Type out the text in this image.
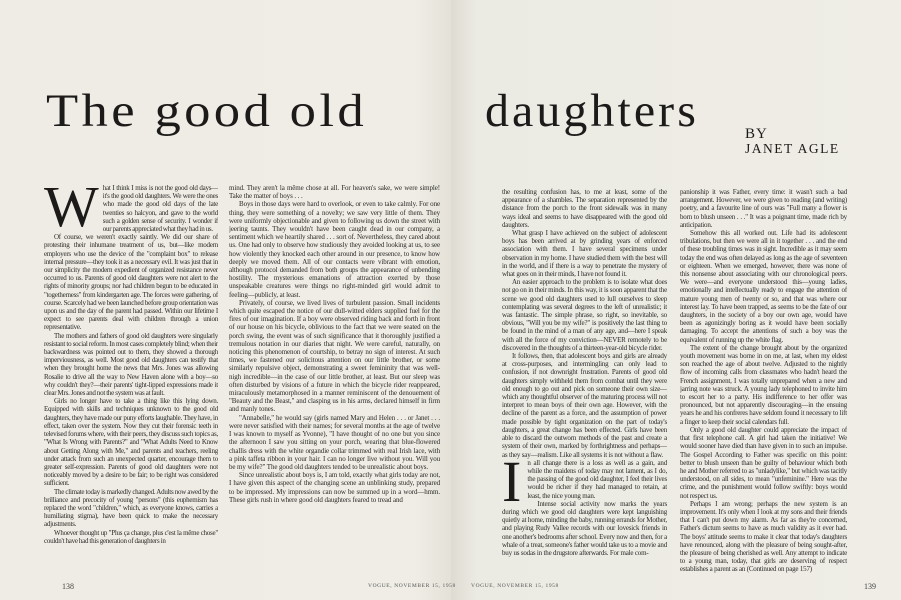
The good old	daughters	BY
JANET AGLE
W hat I think I miss is not the good old days—it's the good old daughters. We were the ones who made the good old days of the late twenties so halcyon, and gave to the world such a golden sense of security. I wonder if our parents appreciated what they had in us.

Of course, we weren't exactly saintly. We did our share of protesting their inhumane treatment of us, but—like modern employers who use the device of the "complaint box" to release internal pressure—they took it as a necessary evil. It was just that in our simplicity the modern expedient of organized resistance never occurred to us. Parents of good old daughters were not alert to the rights of minority groups; nor had children begun to be educated in "togetherness" from kindergarten age. The forces were gathering, of course. Scarcely had we been launched before group orientation was upon us and the day of the parent had passed. Within our lifetime I expect to see parents deal with children through a union representative.

The mothers and fathers of good old daughters were singularly resistant to social reform. In most cases completely blind; when their backwardness was pointed out to them, they showed a thorough imperviousness, as well. Most good old daughters can testify that when they brought home the news that Mrs. Jones was allowing Rosalie to drive all the way to New Haven alone with a boy—so why couldn't they?—their parents' tight-lipped expressions made it clear Mrs. Jones and not the system was at fault.

Girls no longer have to take a thing like this lying down. Equipped with skills and techniques unknown to the good old daughters, they have made our puny efforts laughable. They have, in effect, taken over the system. Now they cut their forensic teeth in televised forums where, with their peers, they discuss such topics as, "What Is Wrong with Parents?" and "What Adults Need to Know about Getting Along with Me," and parents and teachers, reeling under attack from such an unexpected quarter, encourage them to greater self-expression. Parents of good old daughters were not noticeably moved by a desire to be fair; to be right was considered sufficient.

The climate today is markedly changed. Adults now awed by the brilliance and precocity of young "persons" (this euphemism has replaced the word "children," which, as everyone knows, carries a humiliating stigma), have been quick to make the necessary adjustments.

Whoever thought up "Plus ça change, plus c'est la même chose" couldn't have had this generation of daughters in

mind. They aren't la même chose at all. For heaven's sake, we were simple! Take the matter of boys . . .

Boys in those days were hard to overlook, or even to take calmly. For one thing, they were something of a novelty; we saw very little of them. They were uniformly objectionable and given to following us down the street with jeering taunts. They wouldn't have been caught dead in our company, a sentiment which we heartily shared . . . sort of. Nevertheless, they cared about us. One had only to observe how studiously they avoided looking at us, to see how violently they knocked each other around in our presence, to know how deeply we moved them. All of our contacts were vibrant with emotion, although protocol demanded from both groups the appearance of unbending hostility. The mysterious emanations of attraction exerted by those unspeakable creatures were things no right-minded girl would admit to feeling—publicly, at least.

Privately, of course, we lived lives of turbulent passion. Small incidents which quite escaped the notice of our dull-witted elders supplied fuel for the fires of our imagination. If a boy were observed riding back and forth in front of our house on his bicycle, oblivious to the fact that we were seated on the porch swing, the event was of such significance that it thoroughly justified a tremulous notation in our diaries that night. We were careful, naturally, on noticing this phenomenon of courtship, to betray no sign of interest. At such times, we fastened our solicitous attention on our little brother, or some similarly repulsive object, demonstrating a sweet femininity that was well-nigh incredible—in the case of our little brother, at least. But our sleep was often disturbed by visions of a future in which the bicycle rider reappeared, miraculously metamorphosed in a manner reminiscent of the denouement of "Beauty and the Beast," and clasping us in his arms, declared himself in firm and manly tones.

"Annabelle," he would say (girls named Mary and Helen . . . or Janet . . . were never satisfied with their names; for several months at the age of twelve I was known to myself as Yvonne), "I have thought of no one but you since the afternoon I saw you sitting on your porch, wearing that blue-flowered challis dress with the white organdie collar trimmed with real Irish lace, with a pink taffeta ribbon in your hair. I can no longer live without you. Will you be my wife?" The good old daughters tended to be unrealistic about boys.

Since unrealistic about boys is, I am told, exactly what girls today are not, I have given this aspect of the changing scene an unblinking study, prepared to be impressed. My impressions can now be summed up in a word—hmm. These girls rush in where good old daughters feared to tread and

the resulting confusion has, to me at least, some of the appearance of a shambles. The separation represented by the distance from the porch to the front sidewalk was in many ways ideal and seems to have disappeared with the good old daughters.

What grasp I have achieved on the subject of adolescent boys has been arrived at by grinding years of enforced association with them. I have several specimens under observation in my home. I have studied them with the best will in the world, and if there is a way to penetrate the mystery of what goes on in their minds, I have not found it.

An easier approach to the problem is to isolate what does not go on in their minds. In this way, it is soon apparent that the scene we good old daughters used to lull ourselves to sleep contemplating was several degrees to the left of unrealistic; it was fantastic. The simple phrase, so right, so inevitable, so obvious, "Will you be my wife?" is positively the last thing to be found in the mind of a man of any age, and—here I speak with all the force of my conviction—NEVER remotely to be discovered in the thoughts of a thirteen-year-old bicycle rider.

It follows, then, that adolescent boys and girls are already at cross-purposes, and intermingling can only lead to confusion, if not downright frustration. Parents of good old daughters simply withheld them from combat until they were old enough to go out and pick on someone their own size—which any thoughtful observer of the maturing process will not interpret to mean boys of their own age. However, with the decline of the parent as a force, and the assumption of power made possible by tight organization on the part of today's daughters, a great change has been effected. Girls have been able to discard the outworn methods of the past and create a system of their own, marked by forthrightness and perhaps—as they say—realism. Like all systems it is not without a flaw.

I n all change there is a loss as well as a gain, and while the maidens of today may not lament, as I do, the passing of the good old daughter, I feel their lives would be richer if they had managed to retain, at least, the nice young man.

Intense social activity now marks the years during which we good old daughters were kept languishing quietly at home, minding the baby, running errands for Mother, and playing Rudy Vallee records with our lovesick friends in one another's bedrooms after school. Every now and then, for a whale of a treat, someone's father would take us to a movie and buy us sodas in the drugstore afterwards. For male com-

panionship it was Father, every time: it wasn't such a bad arrangement. However, we were given to reading (and writing) poetry, and a favourite line of ours was "Full many a flower is born to blush unseen . . ." It was a poignant time, made rich by anticipation.

Somehow this all worked out. Life had its adolescent tribulations, but then we were all in it together . . . and the end of these troubling times was in sight. Incredible as it may seem today the end was often delayed as long as the age of seventeen or eighteen. When we emerged, however, there was none of this nonsense about associating with our chronological peers. We were—and everyone understood this—young ladies, emotionally and intellectually ready to engage the attention of mature young men of twenty or so, and that was where our interest lay. To have been trapped, as seems to be the fate of our daughters, in the society of a boy our own age, would have been as agonizingly boring as it would have been socially damaging. To accept the attentions of such a boy was the equivalent of running up the white flag.

The extent of the change brought about by the organized youth movement was borne in on me, at last, when my eldest son reached the age of about twelve. Adjusted to the nightly flow of incoming calls from classmates who hadn't heard the French assignment, I was totally unprepared when a new and jarring note was struck. A young lady telephoned to invite him to escort her to a party. His indifference to her offer was pronounced, but not apparently discouraging—in the ensuing years he and his confreres have seldom found it necessary to lift a finger to keep their social calendars full.

Only a good old daughter could appreciate the impact of that first telephone call. A girl had taken the initiative! We would sooner have died than have given in to such an impulse. The Gospel According to Father was specific on this point: better to blush unseen than be guilty of behaviour which both he and Mother referred to as "unladylike," but which was tacitly understood, on all sides, to mean "unfeminine." Here was the crime, and the punishment would follow swiftly: boys would not respect us.

Perhaps I am wrong; perhaps the new system is an improvement. It's only when I look at my sons and their friends that I can't put down my alarm. As far as they're concerned, Father's dictum seems to have as much validity as it ever had. The boys' attitude seems to make it clear that today's daughters have renounced, along with the pleasure of being sought-after, the pleasure of being cherished as well. Any attempt to indicate to a young man, today, that girls are deserving of respect establishes a parent as an (Continued on page 157)

138	VOGUE, NOVEMBER 15, 1958	VOGUE, NOVEMBER 15, 1958	139
